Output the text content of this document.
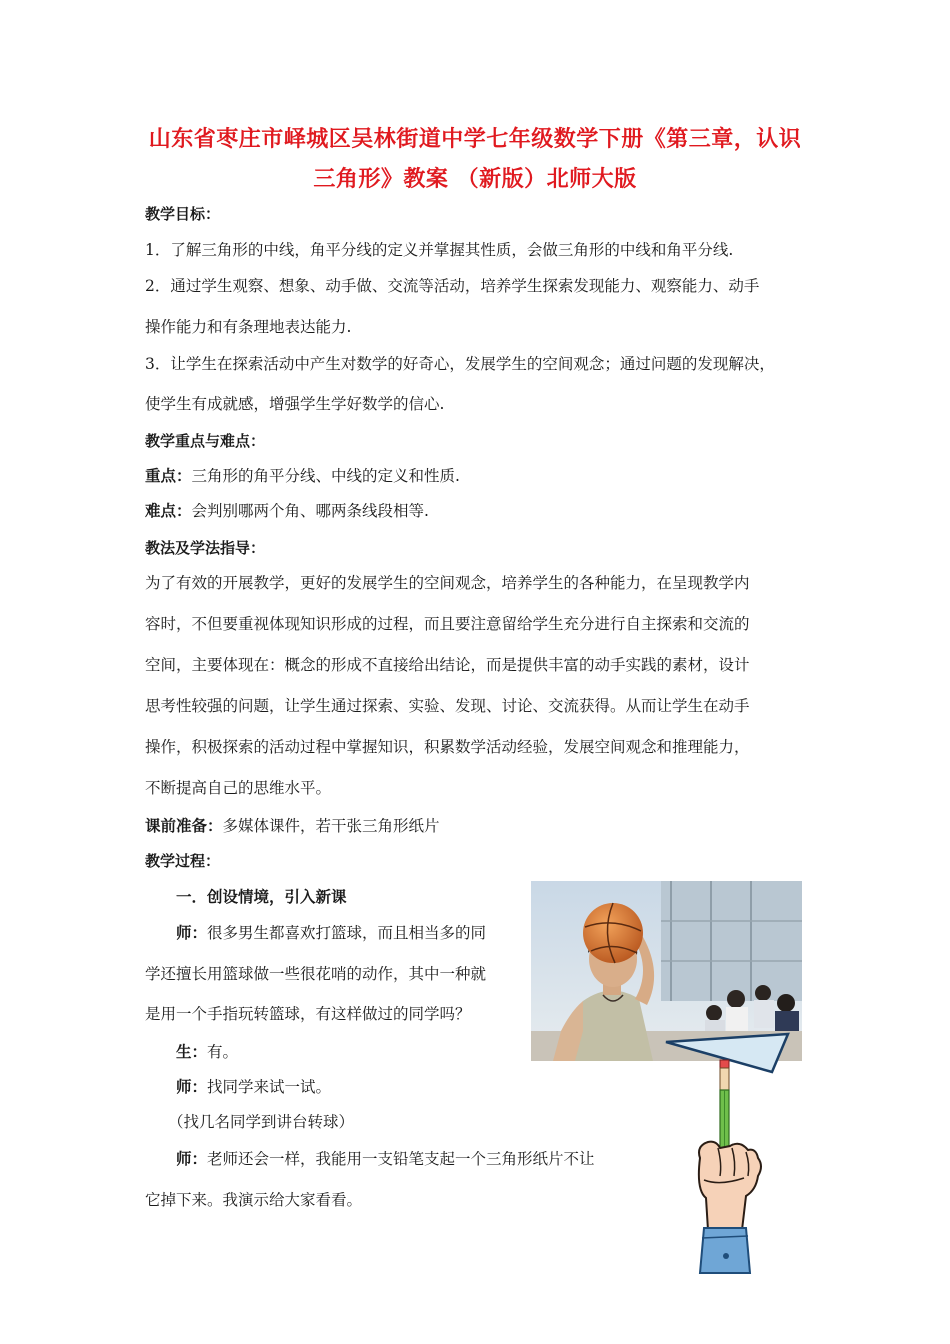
山东省枣庄市峄城区吴林街道中学七年级数学下册《第三章，认识
三角形》教案 （新版）北师大版
教学目标：
1．了解三角形的中线，角平分线的定义并掌握其性质，会做三角形的中线和角平分线.
2．通过学生观察、想象、动手做、交流等活动，培养学生探索发现能力、观察能力、动手
操作能力和有条理地表达能力.
3．让学生在探索活动中产生对数学的好奇心，发展学生的空间观念；通过问题的发现解决，
使学生有成就感，增强学生学好数学的信心.
教学重点与难点：
重点：三角形的角平分线、中线的定义和性质.
难点：会判别哪两个角、哪两条线段相等.
教法及学法指导：
为了有效的开展教学，更好的发展学生的空间观念，培养学生的各种能力，在呈现教学内
容时，不但要重视体现知识形成的过程，而且要注意留给学生充分进行自主探索和交流的
空间，主要体现在：概念的形成不直接给出结论，而是提供丰富的动手实践的素材，设计
思考性较强的问题，让学生通过探索、实验、发现、讨论、交流获得。从而让学生在动手
操作，积极探索的活动过程中掌握知识，积累数学活动经验，发展空间观念和推理能力，
不断提高自己的思维水平。
课前准备：多媒体课件，若干张三角形纸片
教学过程：
一．创设情境，引入新课
师：很多男生都喜欢打篮球，而且相当多的同
学还擅长用篮球做一些很花哨的动作，其中一种就
是用一个手指玩转篮球，有这样做过的同学吗？
生：有。
师：找同学来试一试。
（找几名同学到讲台转球）
师：老师还会一样，我能用一支铅笔支起一个三角形纸片不让
它掉下来。我演示给大家看看。
